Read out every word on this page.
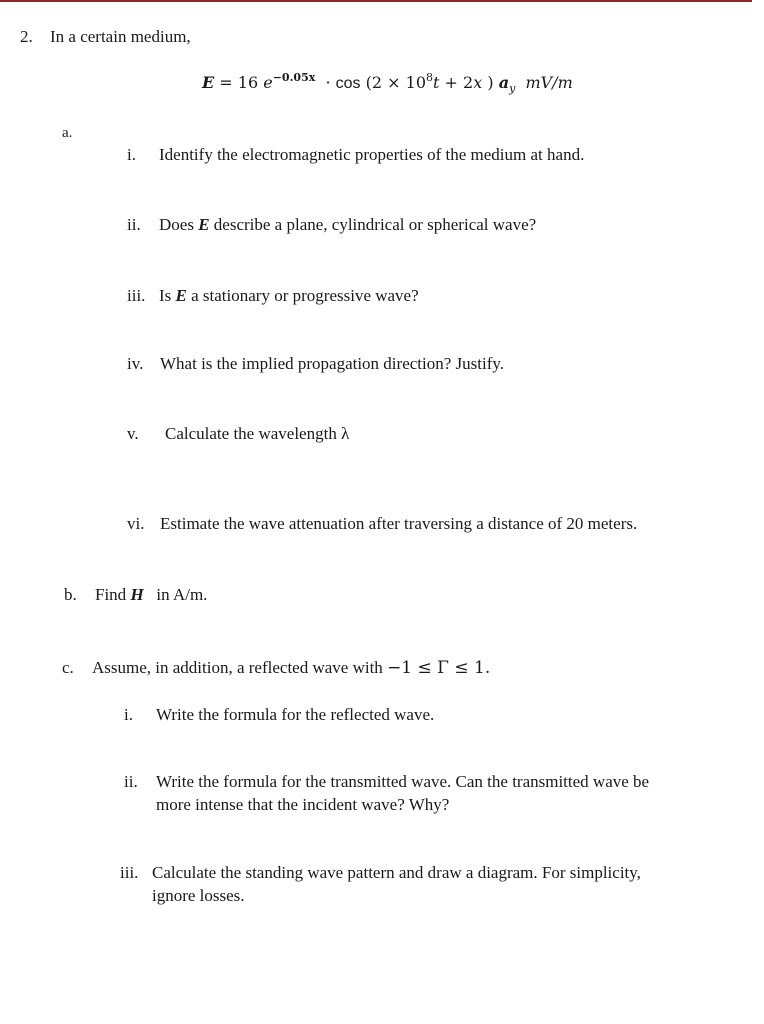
2. In a certain medium,
E = 16 $e^{-0.05x} \cdot \cos (2 \times 10^8t + 2x$ ) $a_y$ mV/m
a.
i. Identify the electromagnetic properties of the medium at hand.
ii. Does E describe a plane, cylindrical or spherical wave?
iii. Is E a stationary or progressive wave?
iv. What is the implied propagation direction? Justify.
v. Calculate the wavelength λ
vi. Estimate the wave attenuation after traversing a distance of 20 meters.
b. Find H in A/m.
c. Assume, in addition, a reflected wave with −1 ≤ Γ ≤ 1.
i. Write the formula for the reflected wave.
ii. Write the formula for the transmitted wave. Can the transmitted wave be
more intense that the incident wave? Why?
iii. Calculate the standing wave pattern and draw a diagram. For simplicity,
ignore losses.
